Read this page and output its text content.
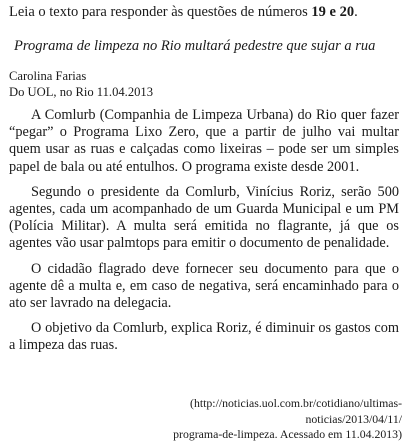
Leia o texto para responder às questões de números 19 e 20.
Programa de limpeza no Rio multará pedestre que sujar a rua
Carolina Farias
Do UOL, no Rio 11.04.2013

A Comlurb (Companhia de Limpeza Urbana) do Rio quer fazer “pegar” o Programa Lixo Zero, que a partir de julho vai multar quem usar as ruas e calçadas como lixeiras – pode ser um simples papel de bala ou até entulhos. O programa existe desde 2001.

Segundo o presidente da Comlurb, Vinícius Roriz, serão 500 agentes, cada um acompanhado de um Guarda Municipal e um PM (Polícia Militar). A multa será emitida no flagrante, já que os agentes vão usar palmtops para emitir o documento de penalidade.

O cidadão flagrado deve fornecer seu documento para que o agente dê a multa e, em caso de negativa, será encaminhado para o ato ser lavrado na delegacia.

O objetivo da Comlurb, explica Roriz, é diminuir os gastos com a limpeza das ruas.

(http://noticias.uol.com.br/cotidiano/ultimas-noticias/2013/04/11/
programa-de-limpeza. Acessado em 11.04.2013)
